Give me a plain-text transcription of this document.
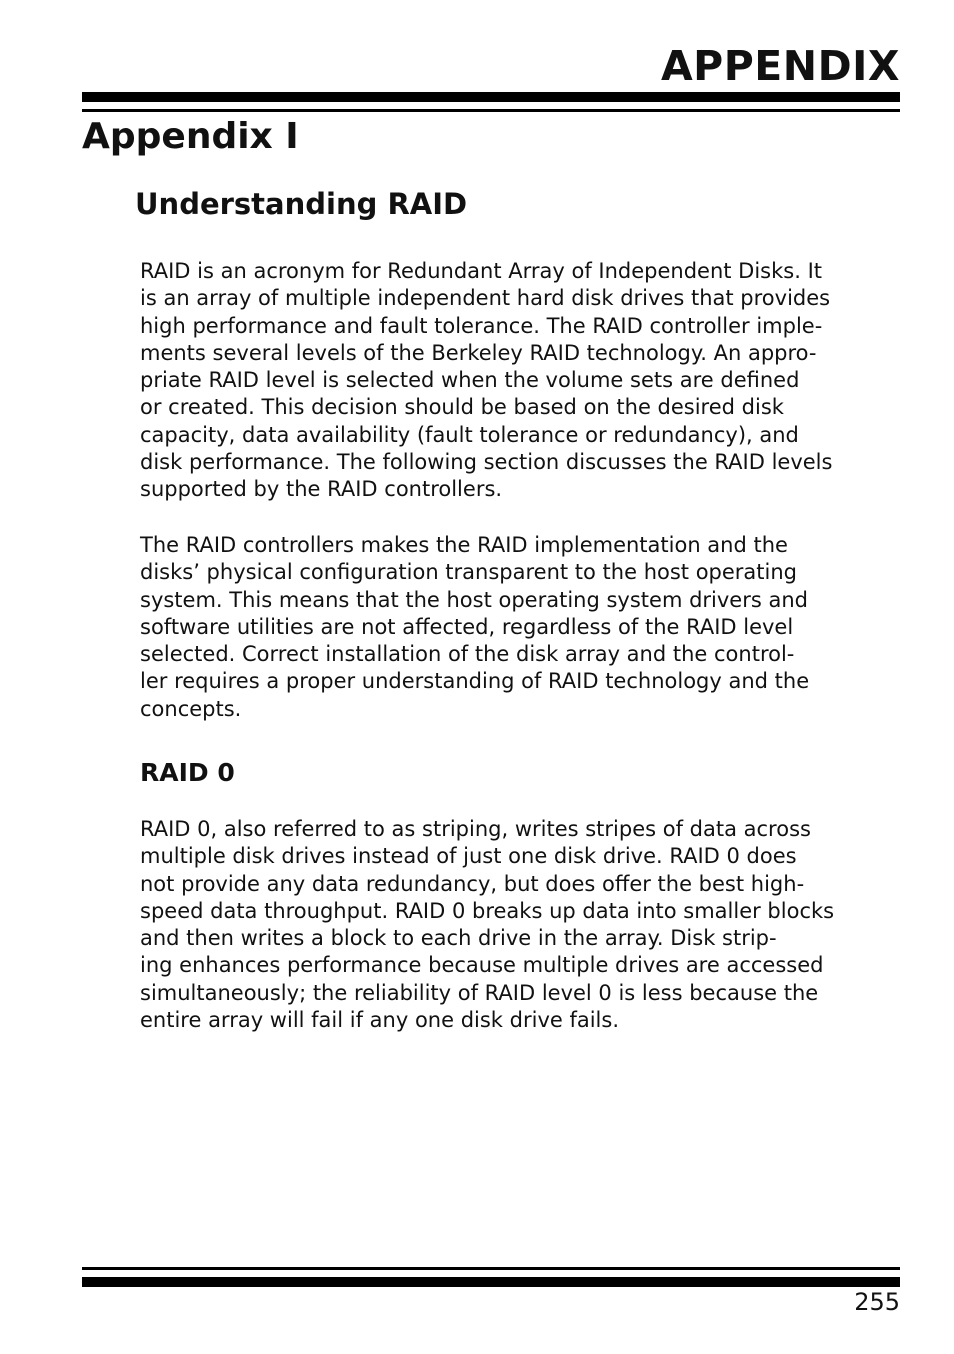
APPENDIX
Appendix I
Understanding RAID

RAID is an acronym for Redundant Array of Independent Disks. It
is an array of multiple independent hard disk drives that provides
high performance and fault tolerance. The RAID controller imple-
ments several levels of the Berkeley RAID technology. An appro-
priate RAID level is selected when the volume sets are defined
or created. This decision should be based on the desired disk
capacity, data availability (fault tolerance or redundancy), and
disk performance. The following section discusses the RAID levels
supported by the RAID controllers.

The RAID controllers makes the RAID implementation and the
disks’ physical configuration transparent to the host operating
system. This means that the host operating system drivers and
software utilities are not affected, regardless of the RAID level
selected. Correct installation of the disk array and the control-
ler requires a proper understanding of RAID technology and the
concepts.

RAID 0

RAID 0, also referred to as striping, writes stripes of data across
multiple disk drives instead of just one disk drive. RAID 0 does
not provide any data redundancy, but does offer the best high-
speed data throughput. RAID 0 breaks up data into smaller blocks
and then writes a block to each drive in the array. Disk strip-
ing enhances performance because multiple drives are accessed
simultaneously; the reliability of RAID level 0 is less because the
entire array will fail if any one disk drive fails.

255
